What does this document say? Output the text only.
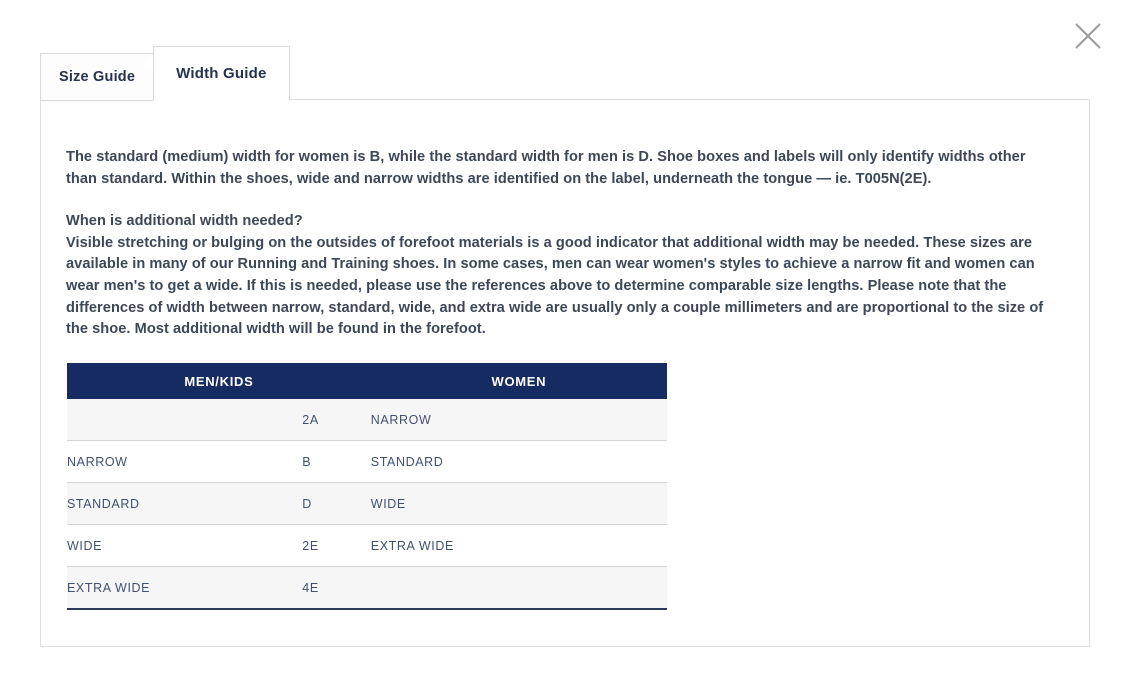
Size Guide	Width Guide

The standard (medium) width for women is B, while the standard width for men is D. Shoe boxes and labels will only identify widths other than standard. Within the shoes, wide and narrow widths are identified on the label, underneath the tongue — ie. T005N(2E).

When is additional width needed?

Visible stretching or bulging on the outsides of forefoot materials is a good indicator that additional width may be needed. These sizes are available in many of our Running and Training shoes. In some cases, men can wear women's styles to achieve a narrow fit and women can wear men's to get a wide. If this is needed, please use the references above to determine comparable size lengths. Please note that the differences of width between narrow, standard, wide, and extra wide are usually only a couple millimeters and are proportional to the size of the shoe. Most additional width will be found in the forefoot.

MEN/KIDS		WOMEN
	2A	NARROW
NARROW	B	STANDARD
STANDARD	D	WIDE
WIDE	2E	EXTRA WIDE
EXTRA WIDE	4E	
